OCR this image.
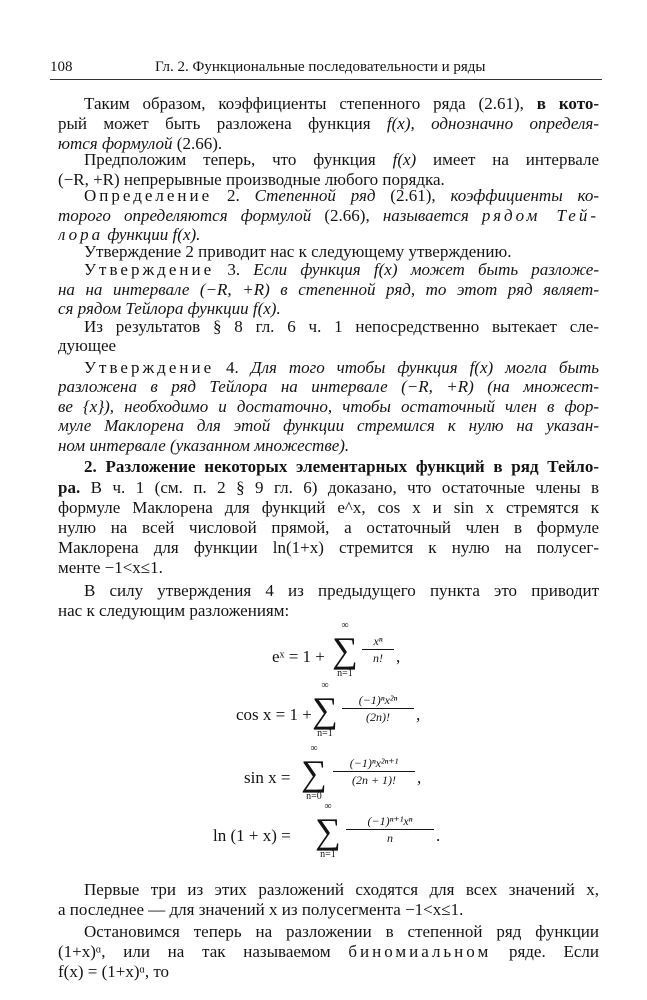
108	Гл. 2. Функциональные последовательности и ряды
Таким образом, коэффициенты степенного ряда (2.61), в кото-
рый может быть разложена функция f(x), однозначно определя-
ются формулой (2.66).
Предположим теперь, что функция f(x) имеет на интервале
(−R, +R) непрерывные производные любого порядка.
Определение 2. Степенной ряд (2.61), коэффициенты ко-
торого определяются формулой (2.66), называется рядом Тей-
лора функции f(x).
Утверждение 2 приводит нас к следующему утверждению.
Утверждение 3. Если функция f(x) может быть разложе-
на на интервале (−R, +R) в степенной ряд, то этот ряд являет-
ся рядом Тейлора функции f(x).
Из результатов § 8 гл. 6 ч. 1 непосредственно вытекает сле-
дующее
Утверждение 4. Для того чтобы функция f(x) могла быть
разложена в ряд Тейлора на интервале (−R, +R) (на множест-
ве {x}), необходимо и достаточно, чтобы остаточный член в фор-
муле Маклорена для этой функции стремился к нулю на указан-
ном интервале (указанном множестве).
2. Разложение некоторых элементарных функций в ряд Тейло-
ра. В ч. 1 (см. п. 2 § 9 гл. 6) доказано, что остаточные члены в
формуле Маклорена для функций e^x, cos x и sin x стремятся к
нулю на всей числовой прямой, а остаточный член в формуле
Маклорена для функции ln(1+x) стремится к нулю на полусег-
менте −1<x≤1.
В силу утверждения 4 из предыдущего пункта это приводит
нас к следующим разложениям:
eˣ = 1 +
∞
∑
n=1
xⁿ
n! ,
cos x = 1 +
∞
∑
n=1
(−1)ⁿx²ⁿ
(2n)!	,
sin x =
∞
∑
n=0
(−1)ⁿx²ⁿ⁺¹
(2n + 1)!	,
ln (1 + x) =
∞
∑
n=1
(−1)ⁿ⁺¹xⁿ
n	.
Первые три из этих разложений сходятся для всех значений x,
а последнее — для значений x из полусегмента −1<x≤1.
Остановимся теперь на разложении в степенной ряд функции
(1+x)ᵅ, или на так называемом биномиальном ряде. Если
f(x) = (1+x)ᵅ, то
